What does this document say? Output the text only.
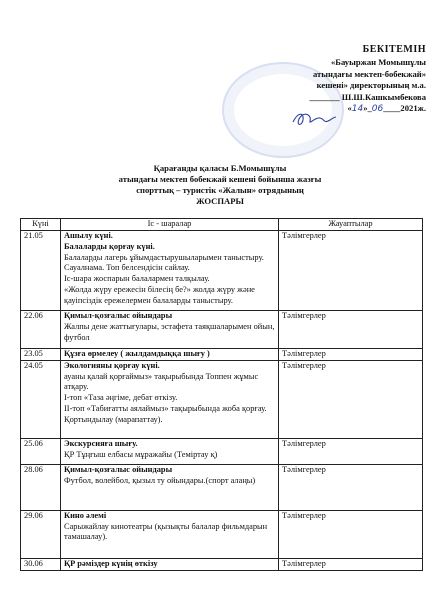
БЕКІТЕМІН
«Бауыржан Момышұлы
атындағы мектеп-бобекжай»
кешені» директорының м.а.
_______ Ш.Ш.Кашкымбекова
«14»_06____2021ж.
Қарағанды қаласы Б.Момышұлы
атындағы мектеп бобекжай кешені бойынша жазғы
спорттық – туристік «Жалын» отрядының
ЖОСПАРЫ
Күні	Іс - шаралар	Жауаптылар
21.05	Ашылу күні.
Балаларды қорғау күні.
Балаларды лагерь ұйымдастырушыларымен таныстыру. Сауалнама. Топ белсендісін сайлау.
Іс-шара жоспарын балалармен талқылау.
«Жолда жүру ережесін білесің бе?» жолда жүру және қауіпсіздік ережелермен балаларды таныстыру.	Тәлімгерлер
22.06	Қимыл-қозғалыс ойындары
Жалпы дене жаттығулары, эстафета таяқшаларымен ойын, футбол	Тәлімгерлер
23.05	Құзға өрмелеу ( жылдамдыққа шығу )	Тәлімгерлер
24.05	Экологияны қорғау күні.
ауаны қалай қорғаймыз» тақырыбында Топпен жұмыс атқару.
І-топ «Таза әңгіме, дебат өткізу.
ІІ-топ «Табиғатты аялаймыз» тақырыбында жоба қорғау.
Қортындылау (марапаттау).	Тәлімгерлер
25.06	Экскурсияға шығу.
ҚР Тұңғыш елбасы мұражайы (Теміртау қ)	Тәлімгерлер
28.06	Қимыл-қозғалыс ойындары
Футбол, волейбол, қызыл ту ойындары.(спорт алаңы)	Тәлімгерлер
29.06	Кино әлемі
Сарыжайлау кинотеатры (қызықты балалар фильмдарын тамашалау).	Тәлімгерлер
30.06	ҚР рәміздер күнің өткізу	Тәлімгерлер
